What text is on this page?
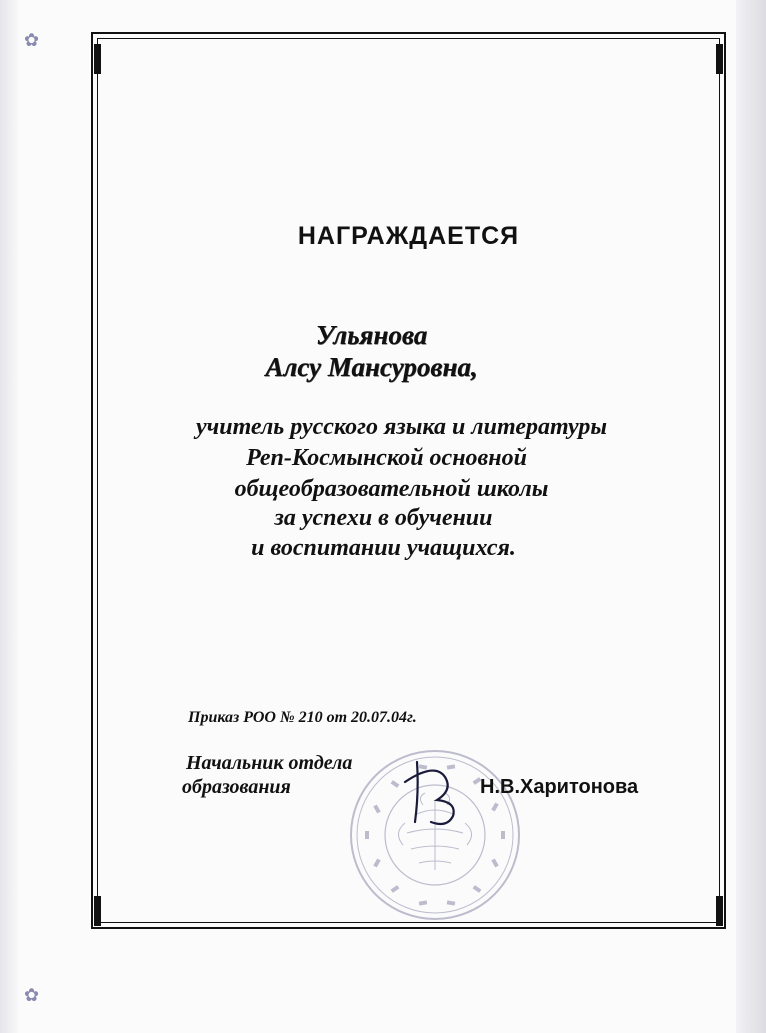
✿
✿
НАГРАЖДАЕТСЯ
Ульянова
Алсу Мансуровна,
учитель русского языка и литературы
Реп-Космынской основной
общеобразовательной школы
за успехи в обучении
и воспитании учащихся.
Приказ РОО № 210 от 20.07.04г.
Начальник отдела
образования	Н.В.Харитонова
